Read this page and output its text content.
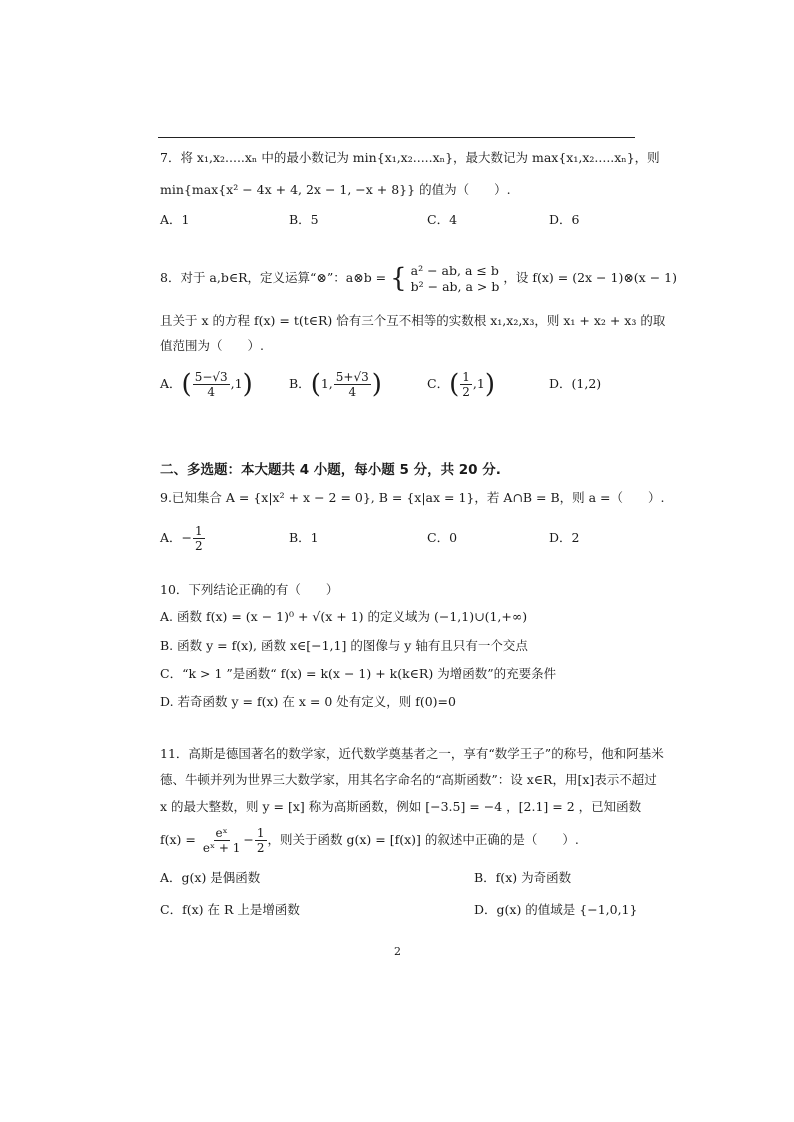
7．将 x₁,x₂.....xₙ 中的最小数记为 min{x₁,x₂.....xₙ}，最大数记为 max{x₁,x₂.....xₙ}，则
min{max{x² − 4x + 4, 2x − 1, −x + 8}} 的值为（　　）.
A．1	B．5	C．4	D．6
8．对于 a,b∈R，定义运算“⊗”：a⊗b = { a² − ab, a ≤ b
b² − ab, a > b
，设 f(x) = (2x − 1)⊗(x − 1)
且关于 x 的方程 f(x) = t(t∈R) 恰有三个互不相等的实数根 x₁,x₂,x₃，则 x₁ + x₂ + x₃ 的取
值范围为（　　）.
A．( $\frac{5-√3}{4} ,1$)	B．(1, $\frac{5+√3}{4}$ )	C．( $\frac{1}{2} ,1$)	D．(1,2)
二、多选题：本大题共 4 小题，每小题 5 分，共 20 分.
9.已知集合 A = {x|x² + x − 2 = 0}, B = {x|ax = 1}，若 A∩B = B，则 a =（　　）.
A．− $\frac{1}{2}$	B．1	C．0	D．2
10．下列结论正确的有（　　）
A. 函数 f(x) = (x − 1)⁰ + √(x + 1) 的定义域为 (−1,1)∪(1,+∞)
B. 函数 y = f(x), 函数 x∈[−1,1] 的图像与 y 轴有且只有一个交点
C．“k > 1 ”是函数“ f(x) = k(x − 1) + k(k∈R) 为增函数”的充要条件
D. 若奇函数 y = f(x) 在 x = 0 处有定义，则 f(0)=0
11．高斯是德国著名的数学家，近代数学奠基者之一，享有“数学王子”的称号，他和阿基米
德、牛顿并列为世界三大数学家，用其名字命名的“高斯函数”：设 x∈R，用[x]表示不超过
x 的最大整数，则 y = [x] 称为高斯函数，例如 [−3.5] = −4 ，[2.1] = 2 ，已知函数
$f(x) = \frac{\text{eˣ}}{\text{eˣ + 1}} - \frac{1}{2}$ ，则关于函数 g(x) = [f(x)] 的叙述中正确的是（　　）.
A．g(x) 是偶函数	B．f(x) 为奇函数
C．f(x) 在 R 上是增函数	D．g(x) 的值域是 {−1,0,1}
2
